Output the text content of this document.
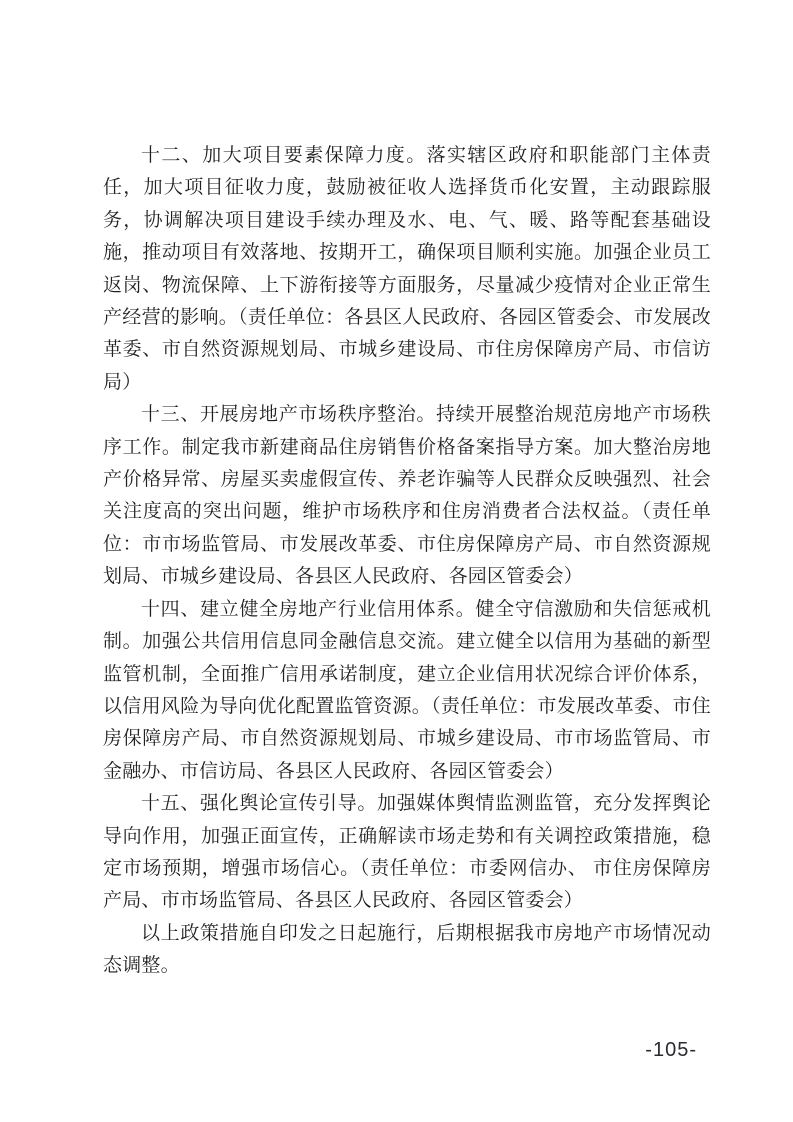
十二、加大项目要素保障力度。落实辖区政府和职能部门主体责任，加大项目征收力度，鼓励被征收人选择货币化安置，主动跟踪服务，协调解决项目建设手续办理及水、电、气、暖、路等配套基础设施，推动项目有效落地、按期开工，确保项目顺利实施。加强企业员工返岗、物流保障、上下游衔接等方面服务，尽量减少疫情对企业正常生产经营的影响。（责任单位：各县区人民政府、各园区管委会、市发展改革委、市自然资源规划局、市城乡建设局、市住房保障房产局、市信访局）

十三、开展房地产市场秩序整治。持续开展整治规范房地产市场秩序工作。制定我市新建商品住房销售价格备案指导方案。加大整治房地产价格异常、房屋买卖虚假宣传、养老诈骗等人民群众反映强烈、社会关注度高的突出问题，维护市场秩序和住房消费者合法权益。（责任单位：市市场监管局、市发展改革委、市住房保障房产局、市自然资源规划局、市城乡建设局、各县区人民政府、各园区管委会）

十四、建立健全房地产行业信用体系。健全守信激励和失信惩戒机制。加强公共信用信息同金融信息交流。建立健全以信用为基础的新型监管机制，全面推广信用承诺制度，建立企业信用状况综合评价体系，以信用风险为导向优化配置监管资源。（责任单位：市发展改革委、市住房保障房产局、市自然资源规划局、市城乡建设局、市市场监管局、市金融办、市信访局、各县区人民政府、各园区管委会）

十五、强化舆论宣传引导。加强媒体舆情监测监管，充分发挥舆论导向作用，加强正面宣传，正确解读市场走势和有关调控政策措施，稳定市场预期，增强市场信心。（责任单位：市委网信办、 市住房保障房产局、市市场监管局、各县区人民政府、各园区管委会）

以上政策措施自印发之日起施行，后期根据我市房地产市场情况动态调整。

-105-
